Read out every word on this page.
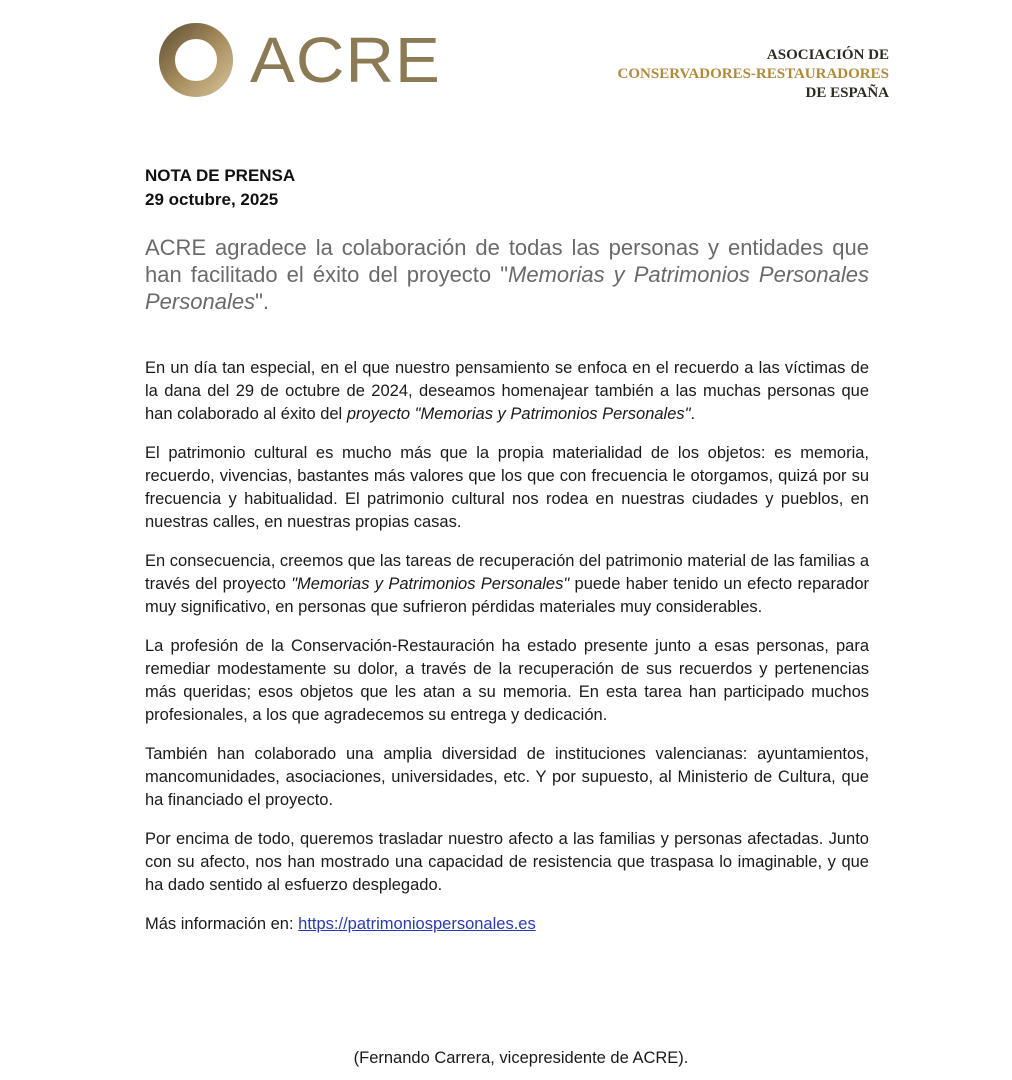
ACRE	ASOCIACIÓN DE
CONSERVADORES-RESTAURADORES
DE ESPAÑA
NOTA DE PRENSA
29 octubre, 2025

ACRE agradece la colaboración de todas las personas y entidades que han facilitado el éxito del proyecto "Memorias y Patrimonios Personales Personales".

En un día tan especial, en el que nuestro pensamiento se enfoca en el recuerdo a las víctimas de la dana del 29 de octubre de 2024, deseamos homenajear también a las muchas personas que han colaborado al éxito del proyecto "Memorias y Patrimonios Personales".

El patrimonio cultural es mucho más que la propia materialidad de los objetos: es memoria, recuerdo, vivencias, bastantes más valores que los que con frecuencia le otorgamos, quizá por su frecuencia y habitualidad. El patrimonio cultural nos rodea en nuestras ciudades y pueblos, en nuestras calles, en nuestras propias casas.

En consecuencia, creemos que las tareas de recuperación del patrimonio material de las familias a través del proyecto "Memorias y Patrimonios Personales" puede haber tenido un efecto reparador muy significativo, en personas que sufrieron pérdidas materiales muy considerables.

La profesión de la Conservación-Restauración ha estado presente junto a esas personas, para remediar modestamente su dolor, a través de la recuperación de sus recuerdos y pertenencias más queridas; esos objetos que les atan a su memoria. En esta tarea han participado muchos profesionales, a los que agradecemos su entrega y dedicación.

También han colaborado una amplia diversidad de instituciones valencianas: ayuntamientos, mancomunidades, asociaciones, universidades, etc. Y por supuesto, al Ministerio de Cultura, que ha financiado el proyecto.

Por encima de todo, queremos trasladar nuestro afecto a las familias y personas afectadas. Junto con su afecto, nos han mostrado una capacidad de resistencia que traspasa lo imaginable, y que ha dado sentido al esfuerzo desplegado.

Más información en: https://patrimoniospersonales.es

(Fernando Carrera, vicepresidente de ACRE).
